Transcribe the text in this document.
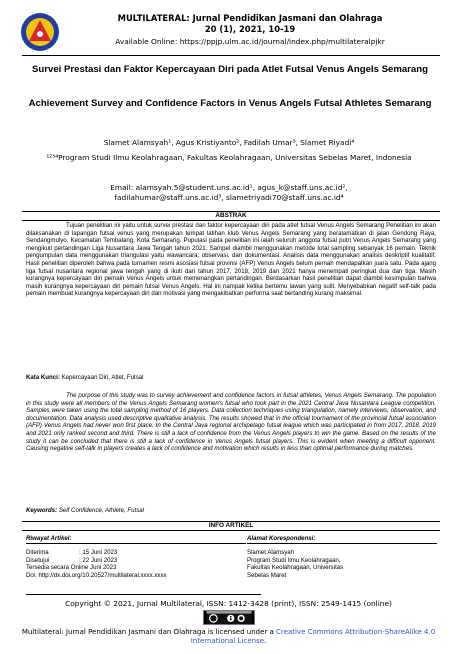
MULTILATERAL: Jurnal Pendidikan Jasmani dan Olahraga
20 (1), 2021, 10-19
Available Online: https://ppjp.ulm.ac.id/journal/index.php/multilateralpjkr
Survei Prestasi dan Faktor Kepercayaan Diri pada Atlet Futsal Venus Angels Semarang
Achievement Survey and Confidence Factors in Venus Angels Futsal Athletes Semarang
Slamet Alamsyah¹, Agus Kristiyanto², Fadilah Umar³, Slamet Riyadi⁴
¹²³⁴Program Studi Ilmu Keolahragaan, Fakultas Keolahragaan, Universitas Sebelas Maret, Indonesia
Email: alamsyah.5@student.uns.ac.id¹, agus_k@staff.uns.ac.id²,
fadilahumar@staff.uns.ac.id³, slametriyadi70@staff.uns.ac.id⁴
ABSTRAK
Tujuan penelitian ini yaitu untuk survei prestasi dan faktor kepercayaan diri pada atlet futsal Venus Angels Semarang Penelitian ini akan dilaksanakan di lapangan futsal venus yang merupakan tempat latihan klub Venus Angels Semarang yang beralamatkan di jalan Gendong Raya, Sendangmulyo, Kecamatan Tembalang, Kota Semarang. Populasi pada penelitian ini ialah seluruh anggota futsal putri Venus Angels Semarang yang mengikuti pertandingan Liga Nusantara Jawa Tengah tahun 2021. Sampel diambil menggunakan metode total sampling sebanyak 16 pemain. Teknik pengumpulan data menggunakan triangulasi yaitu wawancara, observasi, dan dokumentasi. Analisis data menggunakan analisis deskriptif kualitatif. Hasil penelitian diperoleh bahwa pada turnamen resmi asosiasi futsal provinsi (AFP) Venus Angels belum pernah mendapatkan juara satu. Pada ajang liga futsal nusantara regional jawa tengah yang di ikuti dari tahun 2017, 2018, 2019 dan 2021 hanya menempati peringkat dua dan tiga. Masih kurangnya kepercayaan diri pemain Venus Angels untuk memenangkan pertandingan. Berdasarkan hasil penelitian dapat diambil kesimpulan bahwa masih kurangnya kepercayaan diri pemain futsal Venus Angels. Hal ini nampak ketika bertemu lawan yang sulit. Menyebabkan negatif self-talk pada pemain membuat kurangnya kepercayaan diri dan motivasi yang mengakibatkan performa saat bertanding kurang maksimal.
Kata Kunci: Kepercayaan Diri, Atlet, Futsal
The purpose of this study was to survey achievement and confidence factors in futsal athletes, Venus Angels Semarang. The population in this study were all members of the Venus Angels Semarang women's futsal who took part in the 2021 Central Java Nusantara League competition. Samples were taken using the total sampling method of 16 players. Data collection techniques using triangulation, namely interviews, observation, and documentation. Data analysis used descriptive qualitative analysis. The results showed that in the official tournament of the provincial futsal association (AFP) Venus Angels had never won first place. In the Central Java regional archipelago futsal league which was participated in from 2017, 2018, 2019 and 2021 only ranked second and third. There is still a lack of confidence from the Venus Angels players to win the game. Based on the results of the study it can be concluded that there is still a lack of confidence in Venus Angels futsal players. This is evident when meeting a difficult opponent. Causing negative self-talk in players creates a lack of confidence and motivation which results in less than optimal performance during matches.
Keywords: Self Confidence, Athlete, Futsal
INFO ARTIKEL
Riwayat Artikel:
Diterima	: 15 Juni 2023
Disetujui	: 22 Juni 2023
Tersedia secara Online Juni 2023
Doi: http://dx.doi.org/10.20527/multilateral.xxxx.xxxx
Alamat Korespondensi:
Slamet Alamsyah
Program Studi Ilmu Keolahragaan,
Fakultas Keolahragaan, Universitas
Sebelas Maret
Copyright © 2021, Jurnal Multilateral, ISSN: 1412-3428 (print), ISSN: 2549-1415 (online)
Multilateral: Jurnal Pendidikan Jasmani dan Olahraga is licensed under a Creative Commons Attribution-ShareAlike 4.0 International License.
